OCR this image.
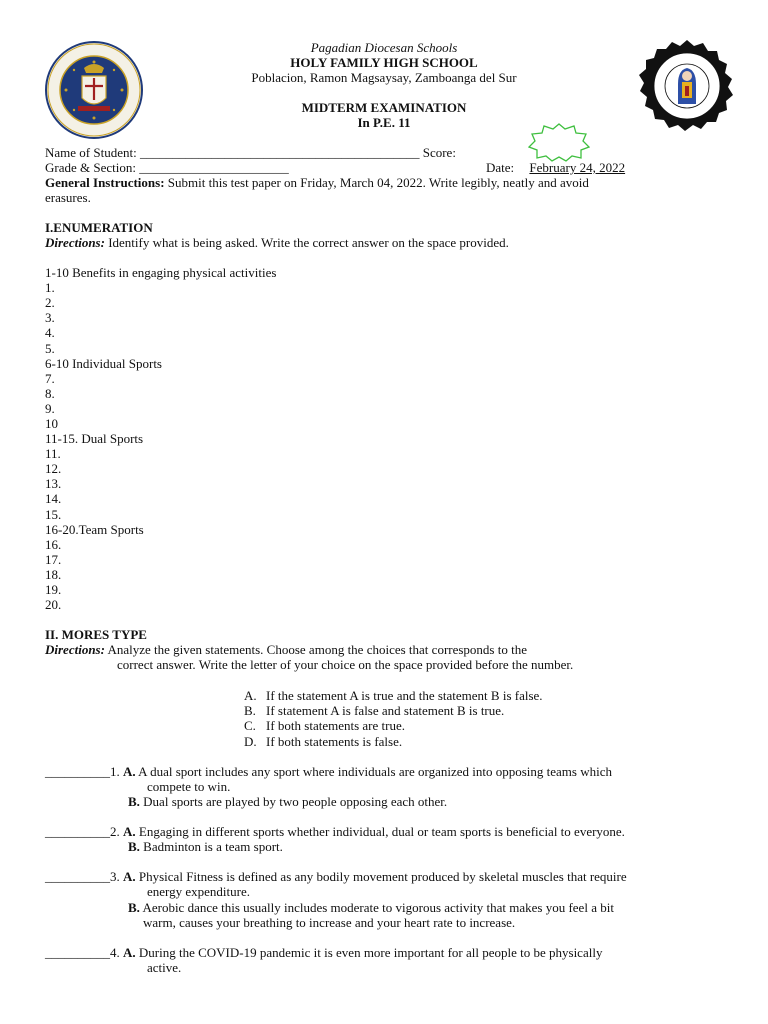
Pagadian Diocesan Schools
HOLY FAMILY HIGH SCHOOL
Poblacion, Ramon Magsaysay, Zamboanga del Sur
MIDTERM EXAMINATION
In P.E. 11
Name of Student: ___________________________________________ Score:
Grade & Section: _______________________	Date: February 24, 2022
General Instructions: Submit this test paper on Friday, March 04, 2022. Write legibly, neatly and avoid
erasures.
I.ENUMERATION
Directions: Identify what is being asked. Write the correct answer on the space provided.
1-10 Benefits in engaging physical activities
1.
2.
3.
4.
5.
6-10 Individual Sports
7.
8.
9.
10
11-15. Dual Sports
11.
12.
13.
14.
15.
16-20.Team Sports
16.
17.
18.
19.
20.
II. MORES TYPE
Directions: Analyze the given statements. Choose among the choices that corresponds to the
correct answer. Write the letter of your choice on the space provided before the number.
A. If the statement A is true and the statement B is false.
B. If statement A is false and statement B is true.
C. If both statements are true.
D. If both statements is false.
__________1. A. A dual sport includes any sport where individuals are organized into opposing teams which
compete to win.
B. Dual sports are played by two people opposing each other.
__________2. A. Engaging in different sports whether individual, dual or team sports is beneficial to everyone.
B. Badminton is a team sport.
__________3. A. Physical Fitness is defined as any bodily movement produced by skeletal muscles that require
energy expenditure.
B. Aerobic dance this usually includes moderate to vigorous activity that makes you feel a bit
warm, causes your breathing to increase and your heart rate to increase.
__________4. A. During the COVID-19 pandemic it is even more important for all people to be physically
active.
